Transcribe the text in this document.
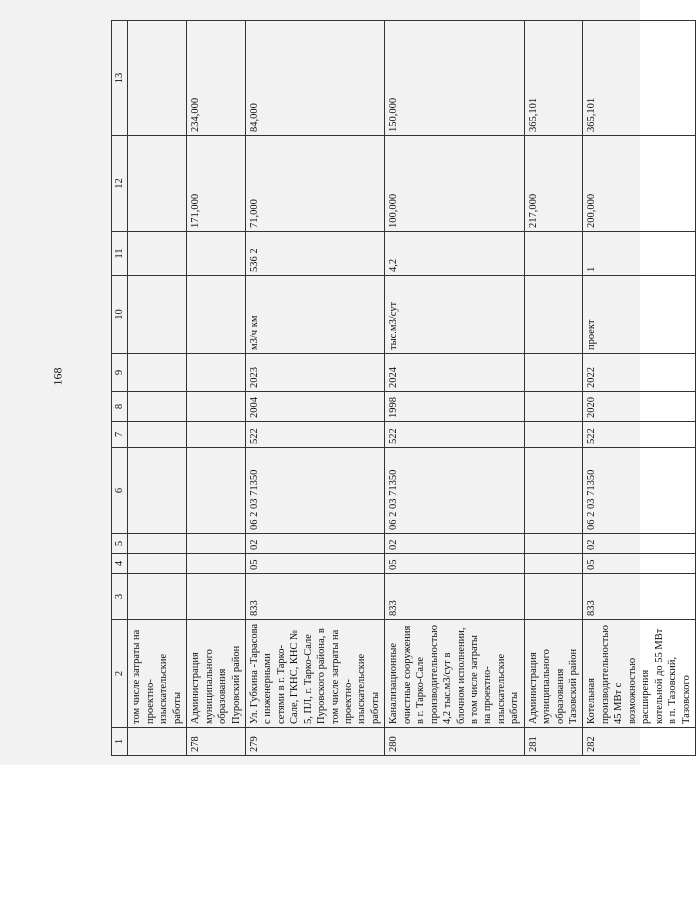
168
1	2	3	4	5	6	7	8	9	10	11	12	13
	том числе затраты на проектно-изыскательские работы											
278	Администрация муниципального образования Пуровский район										171,000	234,000
279	Ул. Губкина -Тарасова с инженерными сетями в г. Тарко-Сале, ГКНС, КНС № 5, ПЛ, г. Тарко-Сале Пуровского района, в том числе затраты на проектно-изыскательские работы	833	05	02	06 2 03 71350	522	2004	2023	м3/ч км	536 2	71,000	84,000
280	Канализационные очистные сооружения в г. Тарко-Сале производительностью 4,2 тыс.м3/сут в блочном исполнении, в том числе затраты на проектно-изыскательские работы	833	05	02	06 2 03 71350	522	1998	2024	тыс.м3/сут	4,2	100,000	150,000
281	Администрация муниципального образования Тазовский район										217,000	365,101
282	Котельная производительностью 45 МВт с возможностью расширения котельной до 55 МВт в п. Тазовский, Тазовского	833	05	02	06 2 03 71350	522	2020	2022	проект	1	200,000	365,101
